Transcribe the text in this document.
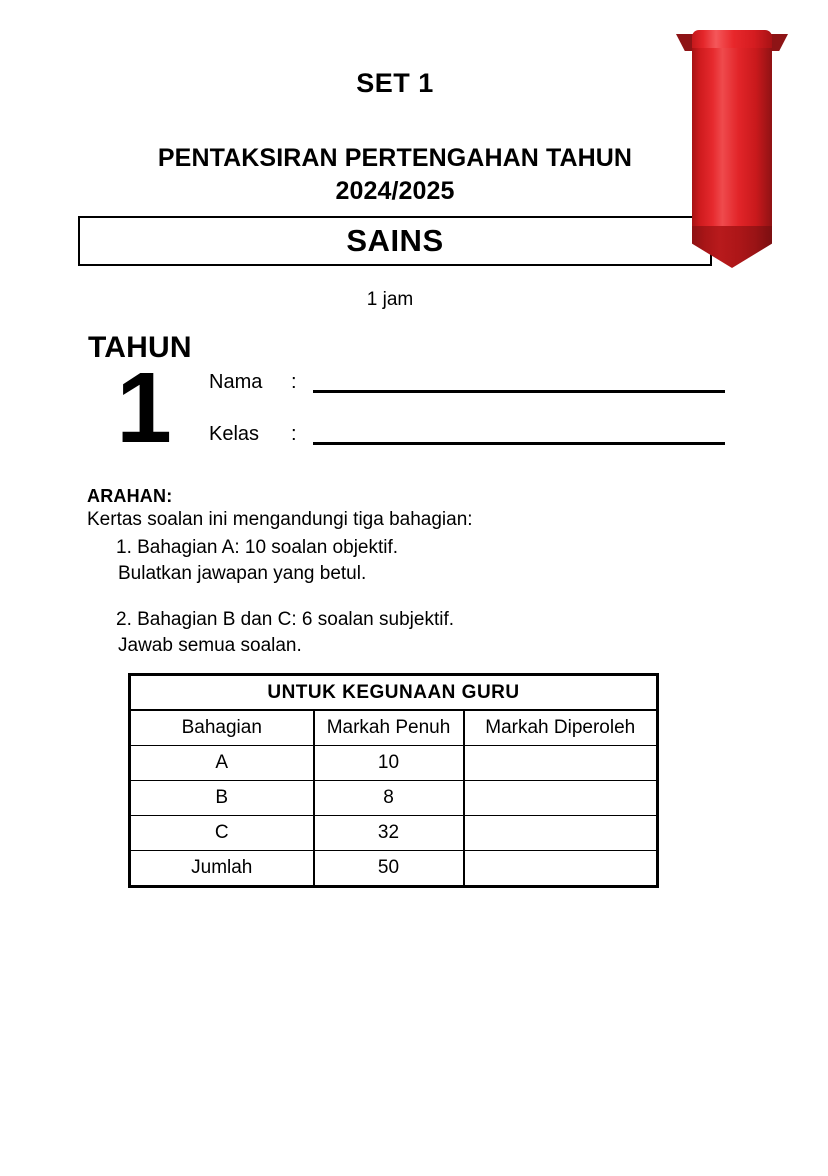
SET 1
PENTAKSIRAN PERTENGAHAN TAHUN
2024/2025
SAINS
1 jam
TAHUN
1	Nama	:
Kelas	:
ARAHAN:
Kertas soalan ini mengandungi tiga bahagian:
1. Bahagian A: 10 soalan objektif.
Bulatkan jawapan yang betul.
2. Bahagian B dan C: 6 soalan subjektif.
Jawab semua soalan.
UNTUK KEGUNAAN GURU		
Bahagian	Markah Penuh	Markah Diperoleh
A	10	
B	8	
C	32	
Jumlah	50	
WWW.TESTPAPER.COM.MY
SAMPLE
